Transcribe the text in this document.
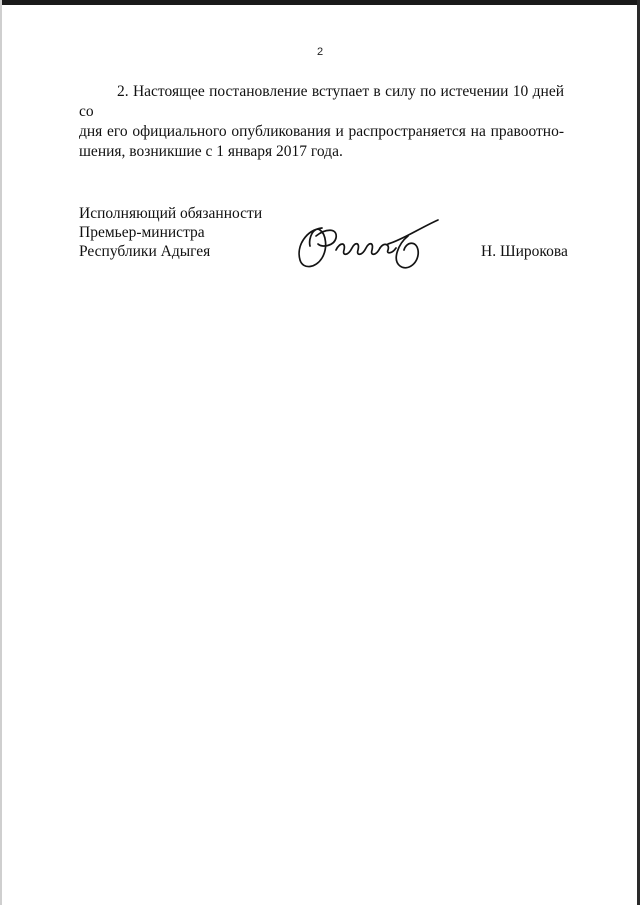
2

2. Настоящее постановление вступает в силу по истечении 10 дней со
дня его официального опубликования и распространяется на правоотно-
шения, возникшие с 1 января 2017 года.

Исполняющий обязанности
Премьер-министра
Республики Адыгея	Н. Широкова
